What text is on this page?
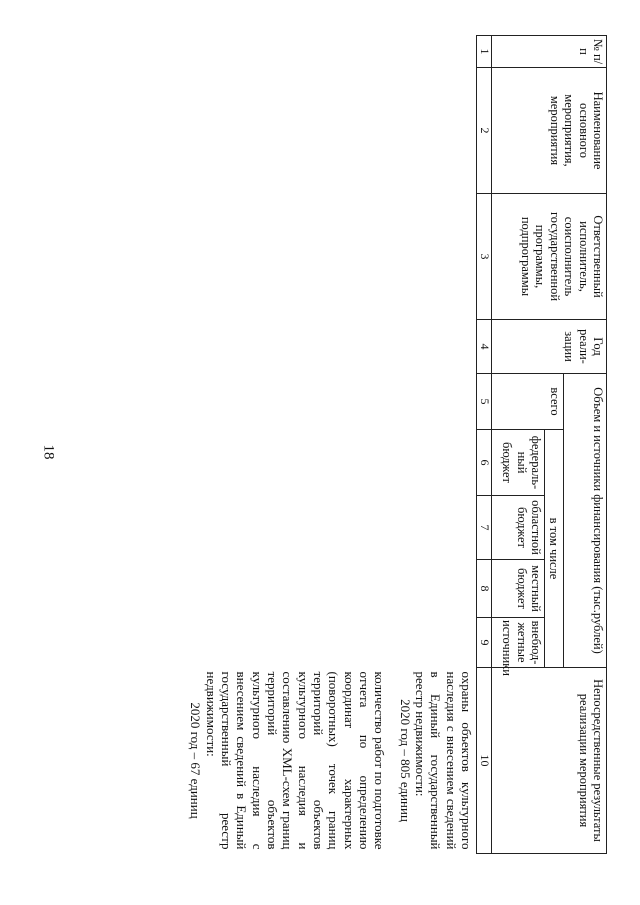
18
№ п/п	Наименование основного мероприятия, мероприятия	Ответственный исполнитель, соисполнитель государственной программы, подпрограммы	Год реали-зации	Объем и источники финансирования (тыс.рублей)					Непосредственные результаты реализации мероприятия
				всего	в том числе				
					федераль-ный бюджет	областной бюджет	местный бюджет	внебюд-жетные источники	
1	2	3	4	5	6	7	8	9	10

									охраны объектов культурного наследия с внесением сведений в Единый государственный реестр недвижимости:
2020 год – 805 единиц

количество работ по подготовке отчета по определению координат характерных (поворотных) точек границ территорий объектов культурного наследия и составлению XML-схем границ территорий объектов культурного наследия с внесением сведений в Единый государственный реестр недвижимости:
2020 год – 67 единиц
